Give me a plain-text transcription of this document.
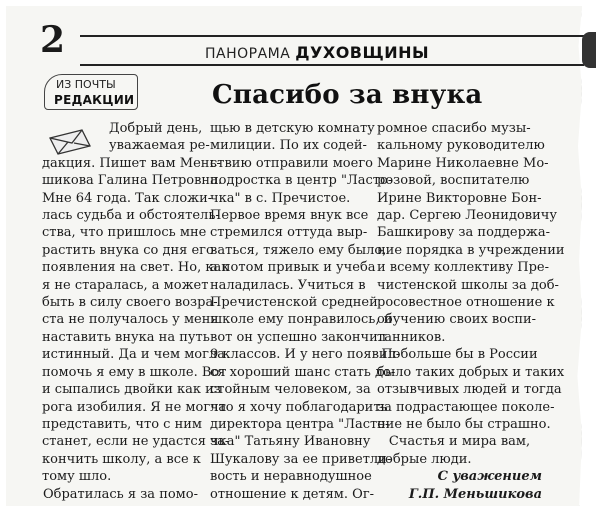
2	ПАНОРАМА ДУХОВЩИНЫ
ИЗ ПОЧТЫ
РЕДАКЦИИ	Спасибо за внука
Добрый день,
уважаемая ре-
дакция. Пишет вам Мень-
шикова Галина Петровна.
Мне 64 года. Так сложи-
лась судьба и обстоятель-
ства, что пришлось мне
растить внука со дня его
появления на свет. Но, как
я не старалась, а может
быть в силу своего возра-
ста не получалось у меня
наставить внука на путь
истинный. Да и чем могла
помочь я ему в школе. Вот
и сыпались двойки как из
рога изобилия. Я не могла
представить, что с ним
станет, если не удастся за-
кончить школу, а все к
тому шло.
Обратилась я за помо-
щью в детскую комнату
милиции. По их содей-
ствию отправили моего
подростка в центр "Ласто-
чка" в с. Пречистое.
Первое время внук все
стремился оттуда выр-
ваться, тяжело ему было,
а потом привык и учеба
наладилась. Учиться в
Пречистенской средней
школе ему понравилось, и
вот он успешно закончил
9 классов. И у него появил-
ся хороший шанс стать до-
стойным человеком, за
что я хочу поблагодарить
директора центра "Ласто-
чка" Татьяну Ивановну
Шукалову за ее приветли-
вость и неравнодушное
отношение к детям. Ог-
ромное спасибо музы-
кальному руководителю
Марине Николаевне Мо-
розовой, воспитателю
Ирине Викторовне Бон-
дар. Сергею Леонидовичу
Башкирову за поддержа-
ние порядка в учреждении
и всему коллективу Пре-
чистенской школы за доб-
росовестное отношение к
обучению своих воспи-
танников.
Побольше бы в России
было таких добрых и таких
отзывчивых людей и тогда
за подрастающее поколе-
ние не было бы страшно.
Счастья и мира вам,
добрые люди.
С уважением
Г.П. Меньшикова
